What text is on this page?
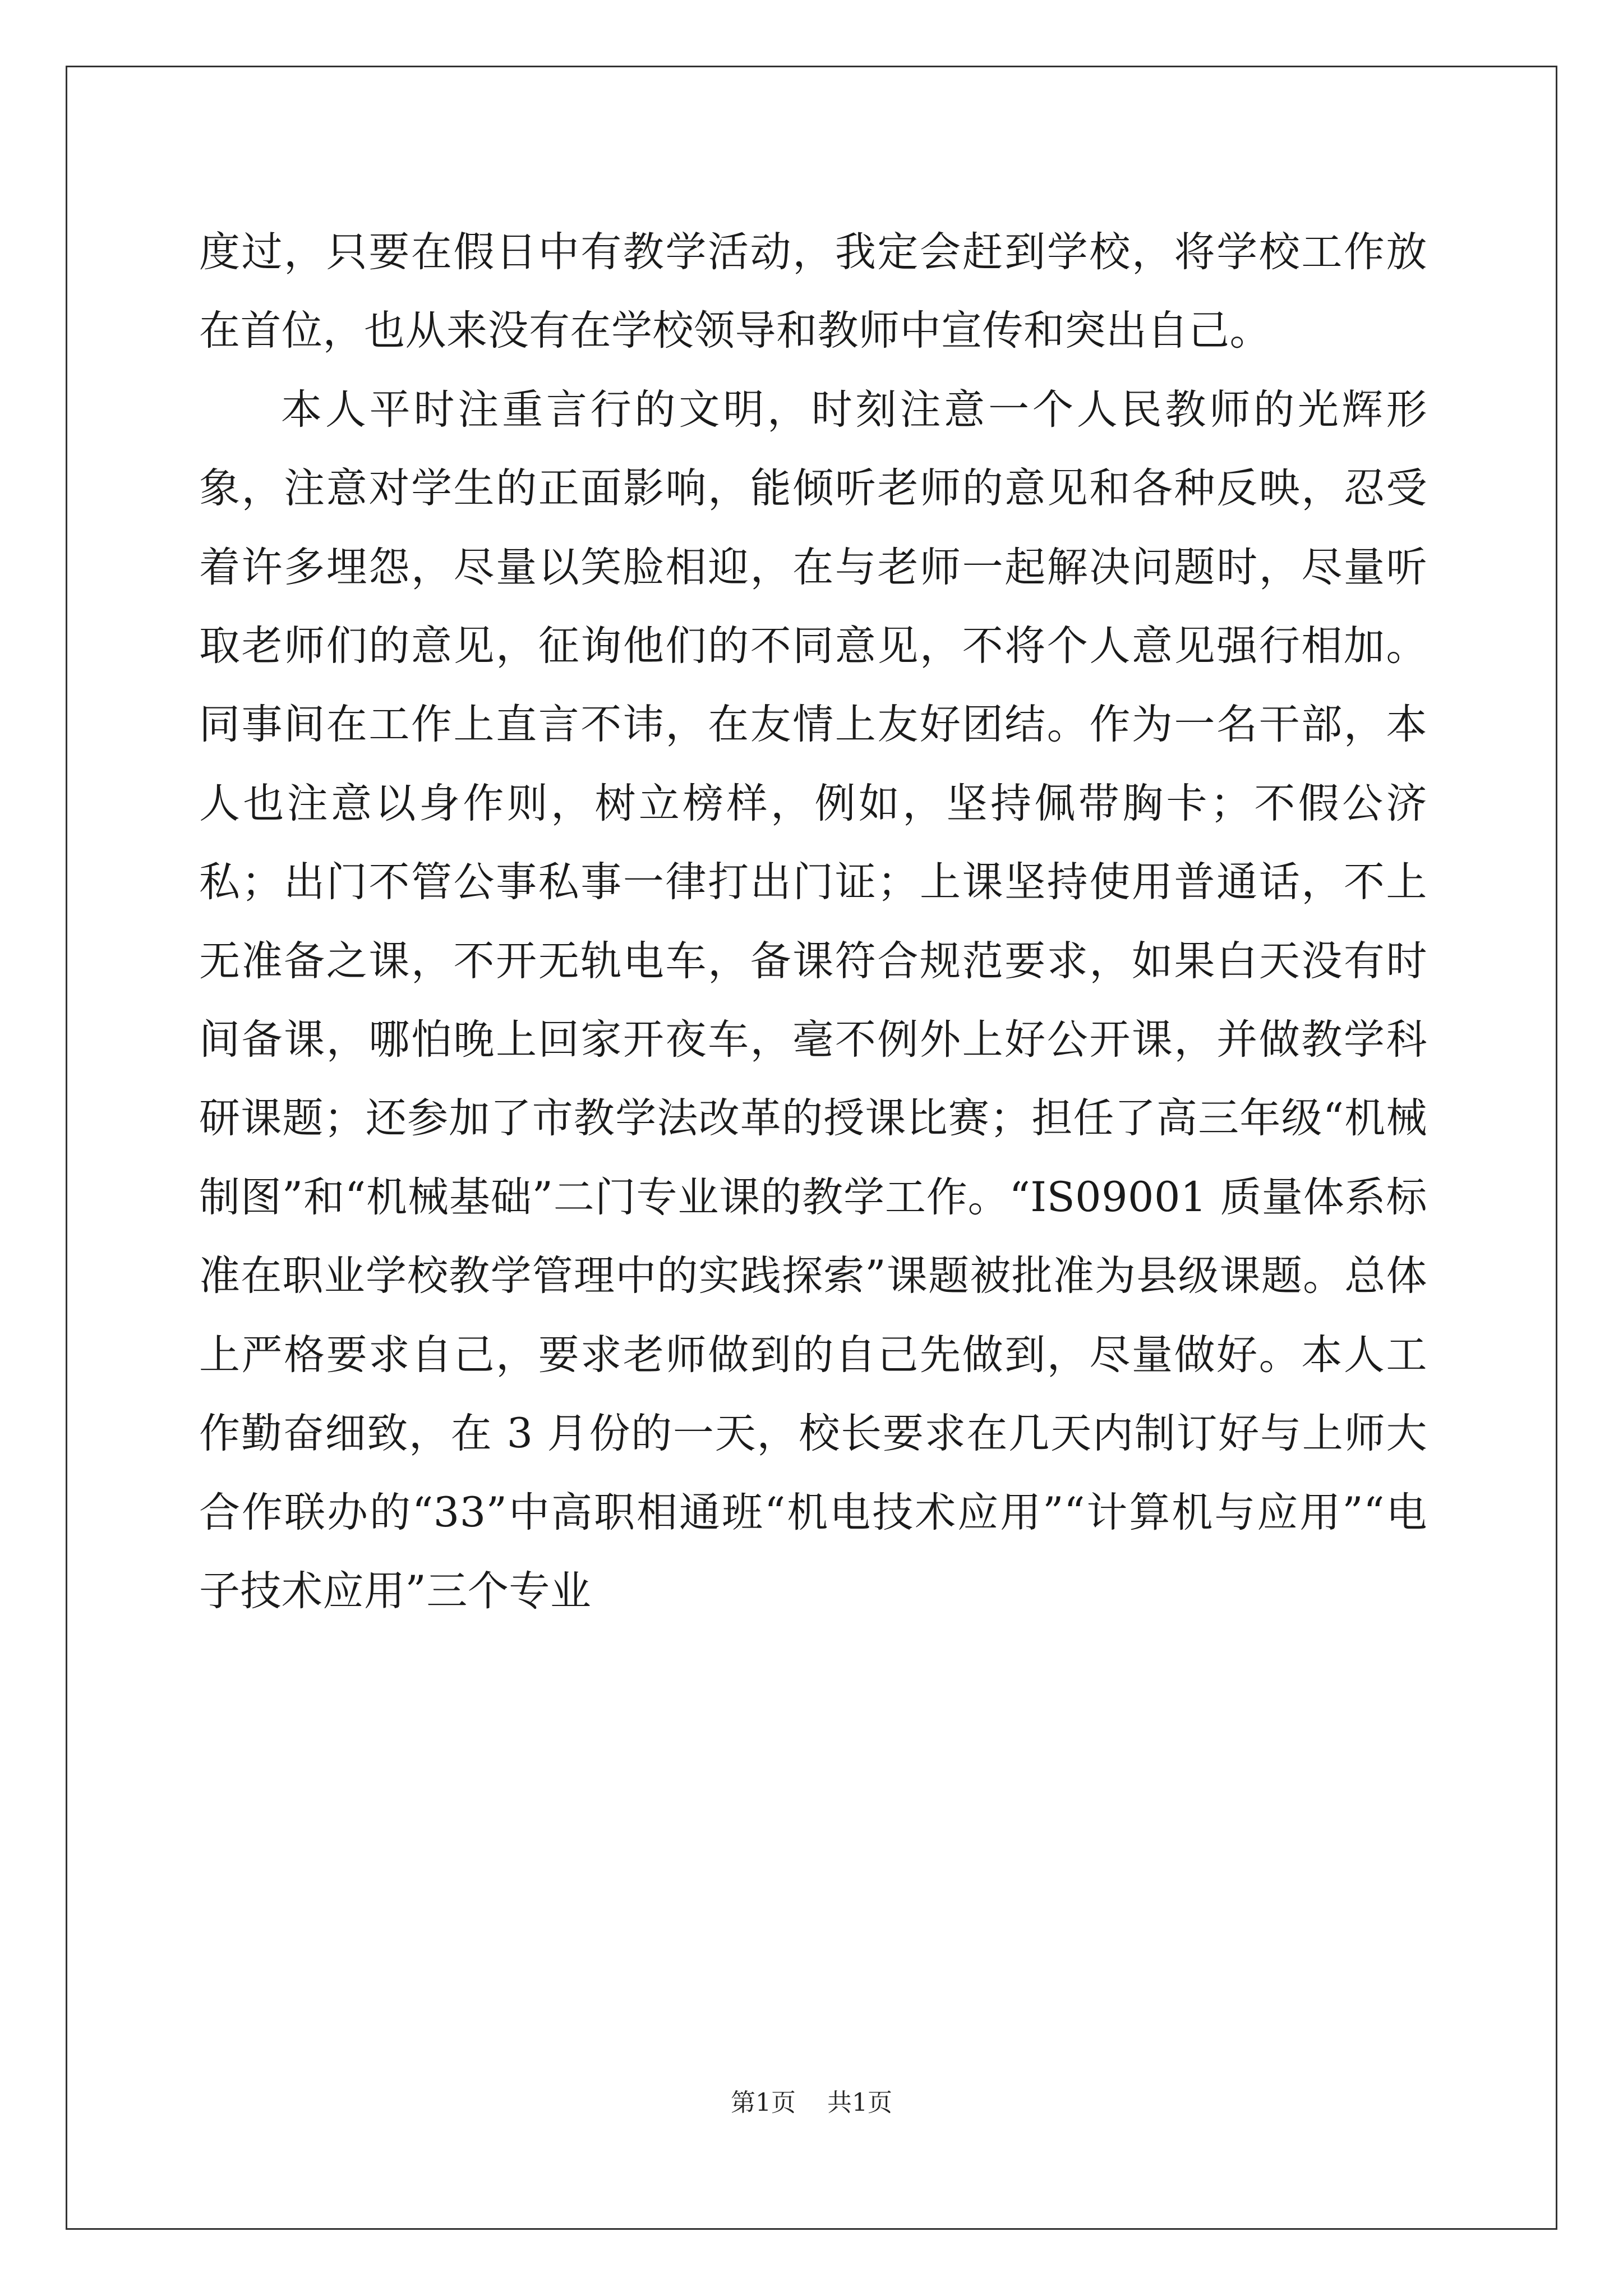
度过，只要在假日中有教学活动，我定会赶到学校，将学校工作放在首位，也从来没有在学校领导和教师中宣传和突出自己。

本人平时注重言行的文明，时刻注意一个人民教师的光辉形象，注意对学生的正面影响，能倾听老师的意见和各种反映，忍受着许多埋怨，尽量以笑脸相迎，在与老师一起解决问题时，尽量听取老师们的意见，征询他们的不同意见，不将个人意见强行相加。同事间在工作上直言不讳，在友情上友好团结。作为一名干部，本人也注意以身作则，树立榜样，例如，坚持佩带胸卡；不假公济私；出门不管公事私事一律打出门证；上课坚持使用普通话，不上无准备之课，不开无轨电车，备课符合规范要求，如果白天没有时间备课，哪怕晚上回家开夜车，毫不例外上好公开课，并做教学科研课题；还参加了市教学法改革的授课比赛；担任了高三年级“机械制图”和“机械基础”二门专业课的教学工作。“IS09001 质量体系标准在职业学校教学管理中的实践探索”课题被批准为县级课题。总体上严格要求自己，要求老师做到的自己先做到，尽量做好。本人工作勤奋细致，在 3 月份的一天，校长要求在几天内制订好与上师大合作联办的“33”中高职相通班“机电技术应用”“计算机与应用”“电子技术应用”三个专业

第1页 共1页
